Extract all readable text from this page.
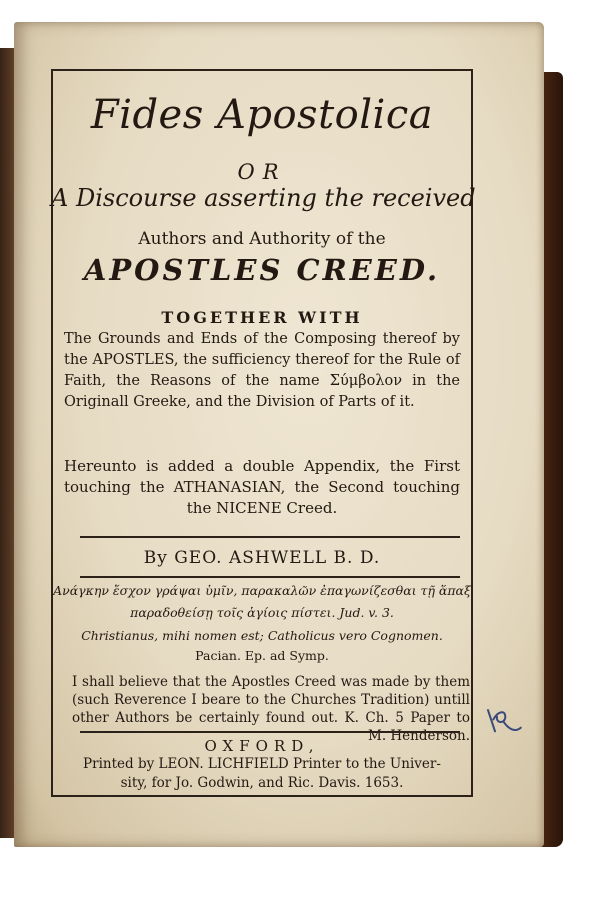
Fides Apostolica
OR
A Discourse asserting the received
Authors and Authority of the
APOSTLES CREED.
TOGETHER WITH
The Grounds and Ends of the Composing thereof by the APOSTLES, the sufficiency thereof for the Rule of Faith, the Reasons of the name Σύμβολον in the Originall Greeke, and the Division of Parts of it.
Hereunto is added a double Appendix, the First touching the ATHANASIAN, the Second touching the NICENE Creed.
By GEO. ASHWELL B. D.
Ανάγκην ἔσχον γράψαι ὑμῖν, παρακαλῶν ἐπαγωνίζεσθαι τῇ ἅπαξ
παραδοθείσῃ τοῖς ἁγίοις πίστει. Jud. v. 3.
Christianus, mihi nomen est; Catholicus vero Cognomen.
Pacian. Ep. ad Symp.
I shall believe that the Apostles Creed was made by them (such Reverence I beare to the Churches Tradition) untill other Authors be certainly found out. K. Ch. 5 Paper to M. Henderson.
OXFORD,
Printed by LEON. LICHFIELD Printer to the Univer-
sity, for Jo. Godwin, and Ric. Davis. 1653.
